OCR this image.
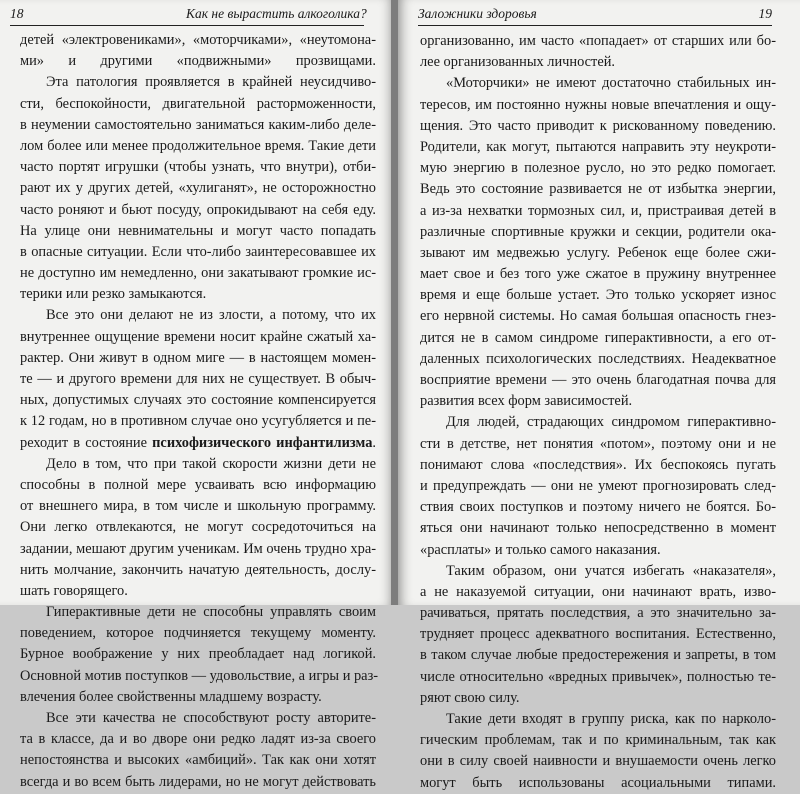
18	Как не вырастить алкоголика?
детей «электровениками», «моторчиками», «неутомона-
ми» и другими «подвижными» прозвищами.
Эта патология проявляется в крайней неусидчиво-
сти, беспокойности, двигательной расторможенности,
в неумении самостоятельно заниматься каким-либо деле-
лом более или менее продолжительное время. Такие дети
часто портят игрушки (чтобы узнать, что внутри), отби-
рают их у других детей, «хулиганят», не осторожностно
часто роняют и бьют посуду, опрокидывают на себя еду.
На улице они невнимательны и могут часто попадать
в опасные ситуации. Если что-либо заинтересовавшее их
не доступно им немедленно, они закатывают громкие ис-
терики или резко замыкаются.
Все это они делают не из злости, а потому, что их
внутреннее ощущение времени носит крайне сжатый ха-
рактер. Они живут в одном миге — в настоящем момен-
те — и другого времени для них не существует. В обыч-
ных, допустимых случаях это состояние компенсируется
к 12 годам, но в противном случае оно усугубляется и пе-
реходит в состояние психофизического инфантилизма.
Дело в том, что при такой скорости жизни дети не
способны в полной мере усваивать всю информацию
от внешнего мира, в том числе и школьную программу.
Они легко отвлекаются, не могут сосредоточиться на
задании, мешают другим ученикам. Им очень трудно хра-
нить молчание, закончить начатую деятельность, дослу-
шать говорящего.
Гиперактивные дети не способны управлять своим
поведением, которое подчиняется текущему моменту.
Бурное воображение у них преобладает над логикой.
Основной мотив поступков — удовольствие, а игры и раз-
влечения более свойственны младшему возрасту.
Все эти качества не способствуют росту авторите-
та в классе, да и во дворе они редко ладят из-за своего
непостоянства и высоких «амбиций». Так как они хотят
всегда и во всем быть лидерами, но не могут действовать
Заложники здоровья	19
организованно, им часто «попадает» от старших или бо-
лее организованных личностей.
«Моторчики» не имеют достаточно стабильных ин-
тересов, им постоянно нужны новые впечатления и ощу-
щения. Это часто приводит к рискованному поведению.
Родители, как могут, пытаются направить эту неукроти-
мую энергию в полезное русло, но это редко помогает.
Ведь это состояние развивается не от избытка энергии,
а из-за нехватки тормозных сил, и, пристраивая детей в
различные спортивные кружки и секции, родители ока-
зывают им медвежью услугу. Ребенок еще более сжи-
мает свое и без того уже сжатое в пружину внутреннее
время и еще больше устает. Это только ускоряет износ
его нервной системы. Но самая большая опасность гнез-
дится не в самом синдроме гиперактивности, а его от-
даленных психологических последствиях. Неадекватное
восприятие времени — это очень благодатная почва для
развития всех форм зависимостей.
Для людей, страдающих синдромом гиперактивно-
сти в детстве, нет понятия «потом», поэтому они и не
понимают слова «последствия». Их беспокоясь пугать
и предупреждать — они не умеют прогнозировать след-
ствия своих поступков и поэтому ничего не боятся. Бо-
яться они начинают только непосредственно в момент
«расплаты» и только самого наказания.
Таким образом, они учатся избегать «наказателя»,
а не наказуемой ситуации, они начинают врать, изво-
рачиваться, прятать последствия, а это значительно за-
трудняет процесс адекватного воспитания. Естественно,
в таком случае любые предостережения и запреты, в том
числе относительно «вредных привычек», полностью те-
ряют свою силу.
Такие дети входят в группу риска, как по нарколо-
гическим проблемам, так и по криминальным, так как
они в силу своей наивности и внушаемости очень легко
могут быть использованы асоциальными типами.
